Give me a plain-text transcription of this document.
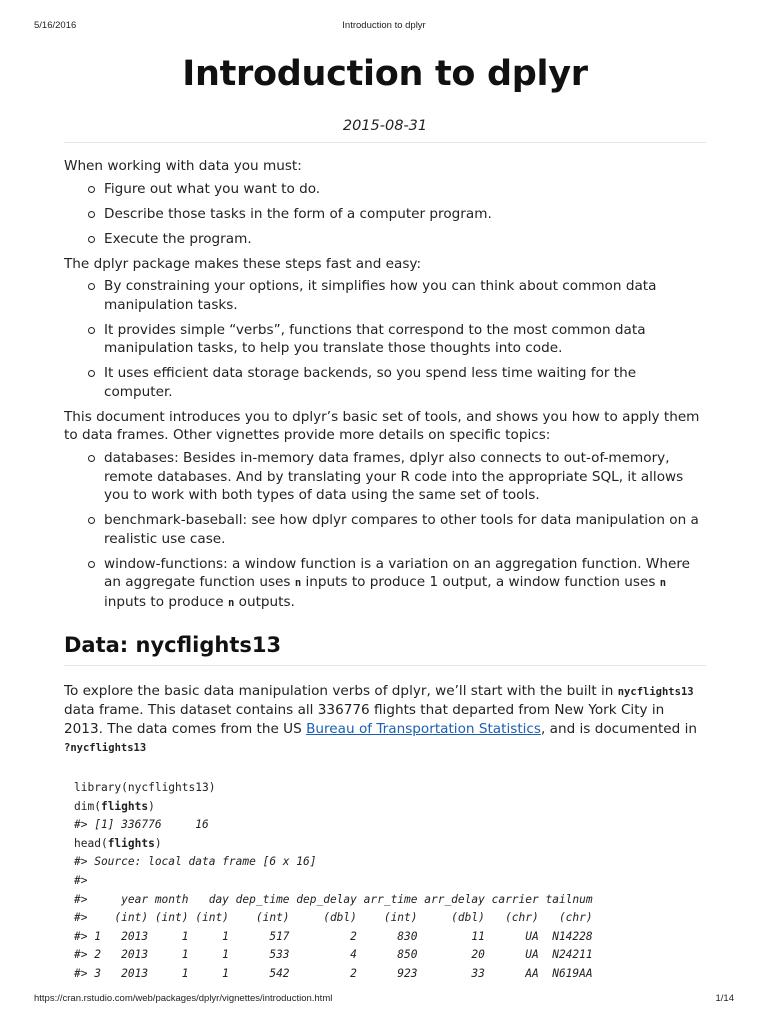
5/16/2016	Introduction to dplyr
Introduction to dplyr
2015-08-31

When working with data you must:

Figure out what you want to do.
Describe those tasks in the form of a computer program.
Execute the program.

The dplyr package makes these steps fast and easy:

By constraining your options, it simplifies how you can think about common data manipulation tasks.
It provides simple “verbs”, functions that correspond to the most common data manipulation tasks, to help you translate those thoughts into code.
It uses efficient data storage backends, so you spend less time waiting for the computer.

This document introduces you to dplyr’s basic set of tools, and shows you how to apply them to data frames. Other vignettes provide more details on specific topics:

databases: Besides in-memory data frames, dplyr also connects to out-of-memory, remote databases. And by translating your R code into the appropriate SQL, it allows you to work with both types of data using the same set of tools.
benchmark-baseball: see how dplyr compares to other tools for data manipulation on a realistic use case.
window-functions: a window function is a variation on an aggregation function. Where an aggregate function uses n inputs to produce 1 output, a window function uses n inputs to produce n outputs.
Data: nycflights13

To explore the basic data manipulation verbs of dplyr, we’ll start with the built in nycflights13 data frame. This dataset contains all 336776 flights that departed from New York City in 2013. The data comes from the US Bureau of Transportation Statistics, and is documented in ?nycflights13

library(nycflights13)
dim(flights)
#> [1] 336776     16
head(flights)
#> Source: local data frame [6 x 16]
#>
#>     year month   day dep_time dep_delay arr_time arr_delay carrier tailnum
#>    (int) (int) (int)    (int)     (dbl)    (int)     (dbl)   (chr)   (chr)
#> 1   2013     1     1      517         2      830        11      UA  N14228
#> 2   2013     1     1      533         4      850        20      UA  N24211
#> 3   2013     1     1      542         2      923        33      AA  N619AA
https://cran.rstudio.com/web/packages/dplyr/vignettes/introduction.html	1/14
